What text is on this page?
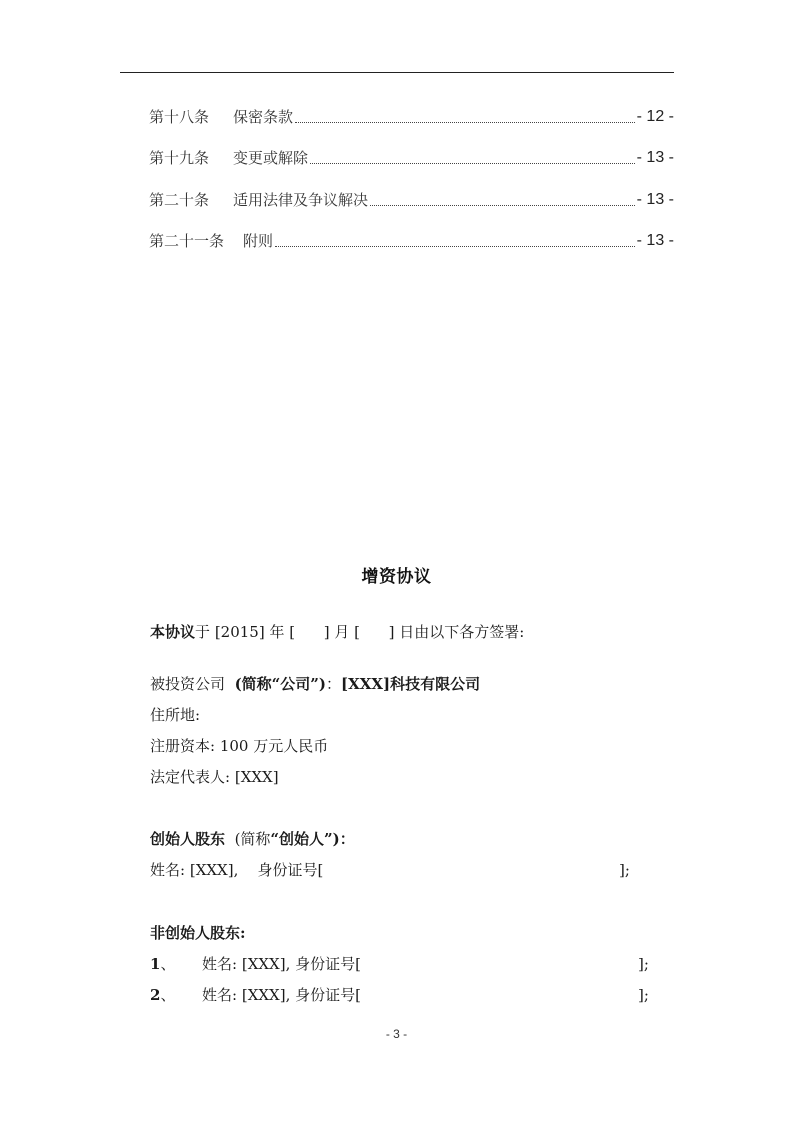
第十八条	保密条款	- 12 -
第十九条	变更或解除	- 13 -
第二十条	适用法律及争议解决	- 13 -
第二十一条	附则	- 13 -
增资协议
本协议于 [2015] 年 [      ] 月 [      ] 日由以下各方签署:
被投资公司 (简称“公司”)：[XXX]科技有限公司
住所地:
注册资本: 100 万元人民币
法定代表人: [XXX]
创始人股东 (简称“创始人”)：
姓名: [XXX], 身份证号[	];
非创始人股东:
1、 姓名: [XXX], 身份证号[	];
2、 姓名: [XXX], 身份证号[	];
- 3 -
